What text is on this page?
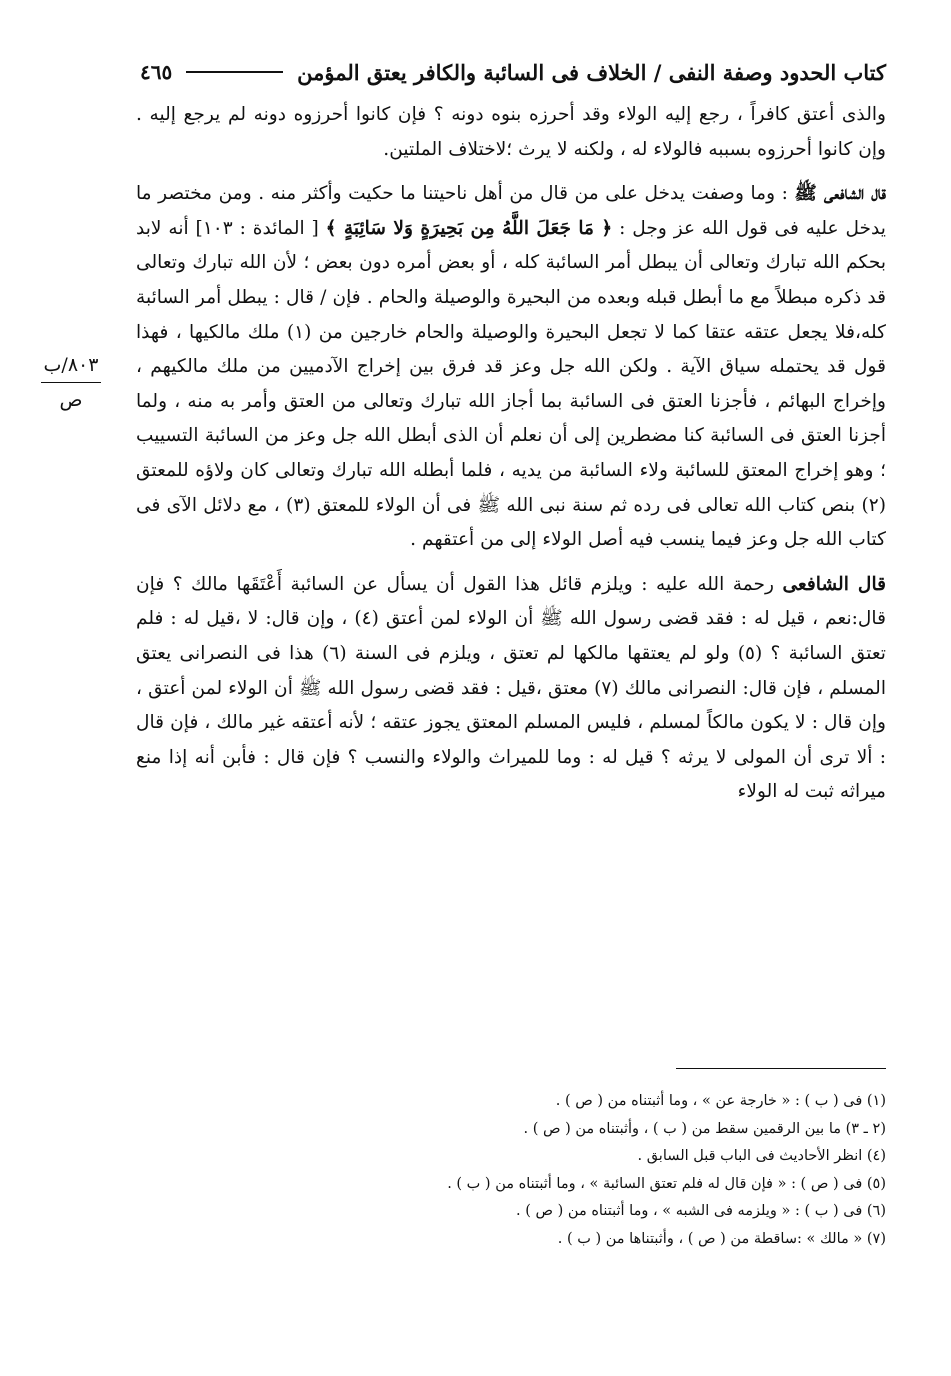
كتاب الحدود وصفة النفى / الخلاف فى السائبة والكافر يعتق المؤمن
٤٦٥
٨٠٣/ب
ص

والذى أعتق كافراً ، رجع إليه الولاء وقد أحرزه بنوه دونه ؟ فإن كانوا أحرزوه دونه لم يرجع إليه . وإن كانوا أحرزوه بسببه فالولاء له ، ولكنه لا يرث ؛لاختلاف الملتين.

قال الشافعى ﷺ : وما وصفت يدخل على من قال من أهل ناحيتنا ما حكيت وأكثر منه . ومن مختصر ما يدخل عليه فى قول الله عز وجل : ﴿ مَا جَعَلَ اللَّهُ مِن بَحِيرَةٍ وَلا سَائِبَةٍ ﴾ [ المائدة : ١٠٣] أنه لابد بحكم الله تبارك وتعالى أن يبطل أمر السائبة كله ، أو بعض أمره دون بعض ؛ لأن الله تبارك وتعالى قد ذكره مبطلاً مع ما أبطل قبله وبعده من البحيرة والوصيلة والحام . فإن / قال : يبطل أمر السائبة كله،فلا يجعل عتقه عتقا كما لا تجعل البحيرة والوصيلة والحام خارجين من (١) ملك مالكيها ، فهذا قول قد يحتمله سياق الآية . ولكن الله جل وعز قد فرق بين إخراج الآدميين من ملك مالكيهم ، وإخراج البهائم ، فأجزنا العتق فى السائبة بما أجاز الله تبارك وتعالى من العتق وأمر به منه ، ولما أجزنا العتق فى السائبة كنا مضطرين إلى أن نعلم أن الذى أبطل الله جل وعز من السائبة التسييب ؛ وهو إخراج المعتق للسائبة ولاء السائبة من يديه ، فلما أبطله الله تبارك وتعالى كان ولاؤه للمعتق (٢) بنص كتاب الله تعالى فى رده ثم سنة نبى الله ﷺ فى أن الولاء للمعتق (٣) ، مع دلائل الآى فى كتاب الله جل وعز فيما ينسب فيه أصل الولاء إلى من أعتقهم .

قال الشافعى رحمة الله عليه : ويلزم قائل هذا القول أن يسأل عن السائبة أَعْتَقَها مالك ؟ فإن قال:نعم ، قيل له : فقد قضى رسول الله ﷺ أن الولاء لمن أعتق (٤) ، وإن قال: لا ،قيل له : فلم تعتق السائبة ؟ (٥) ولو لم يعتقها مالكها لم تعتق ، ويلزم فى السنة (٦) هذا فى النصرانى يعتق المسلم ، فإن قال: النصرانى مالك (٧) معتق ،قيل : فقد قضى رسول الله ﷺ أن الولاء لمن أعتق ، وإن قال : لا يكون مالكاً لمسلم ، فليس المسلم المعتق يجوز عتقه ؛ لأنه أعتقه غير مالك ، فإن قال : ألا ترى أن المولى لا يرثه ؟ قيل له : وما للميراث والولاء والنسب ؟ فإن قال : فأبن أنه إذا منع ميراثه ثبت له الولاء

(١) فى ( ب ) : « خارجة عن » ، وما أثبتناه من ( ص ) .
(٢ ـ ٣) ما بين الرقمين سقط من ( ب ) ، وأثبتناه من ( ص ) .
(٤) انظر الأحاديث فى الباب قبل السابق .
(٥) فى ( ص ) : « فإن قال له فلم تعتق السائبة » ، وما أثبتناه من ( ب ) .
(٦) فى ( ب ) : « ويلزمه فى الشبه » ، وما أثبتناه من ( ص ) .
(٧) « مالك » :ساقطة من ( ص ) ، وأثبتناها من ( ب ) .
